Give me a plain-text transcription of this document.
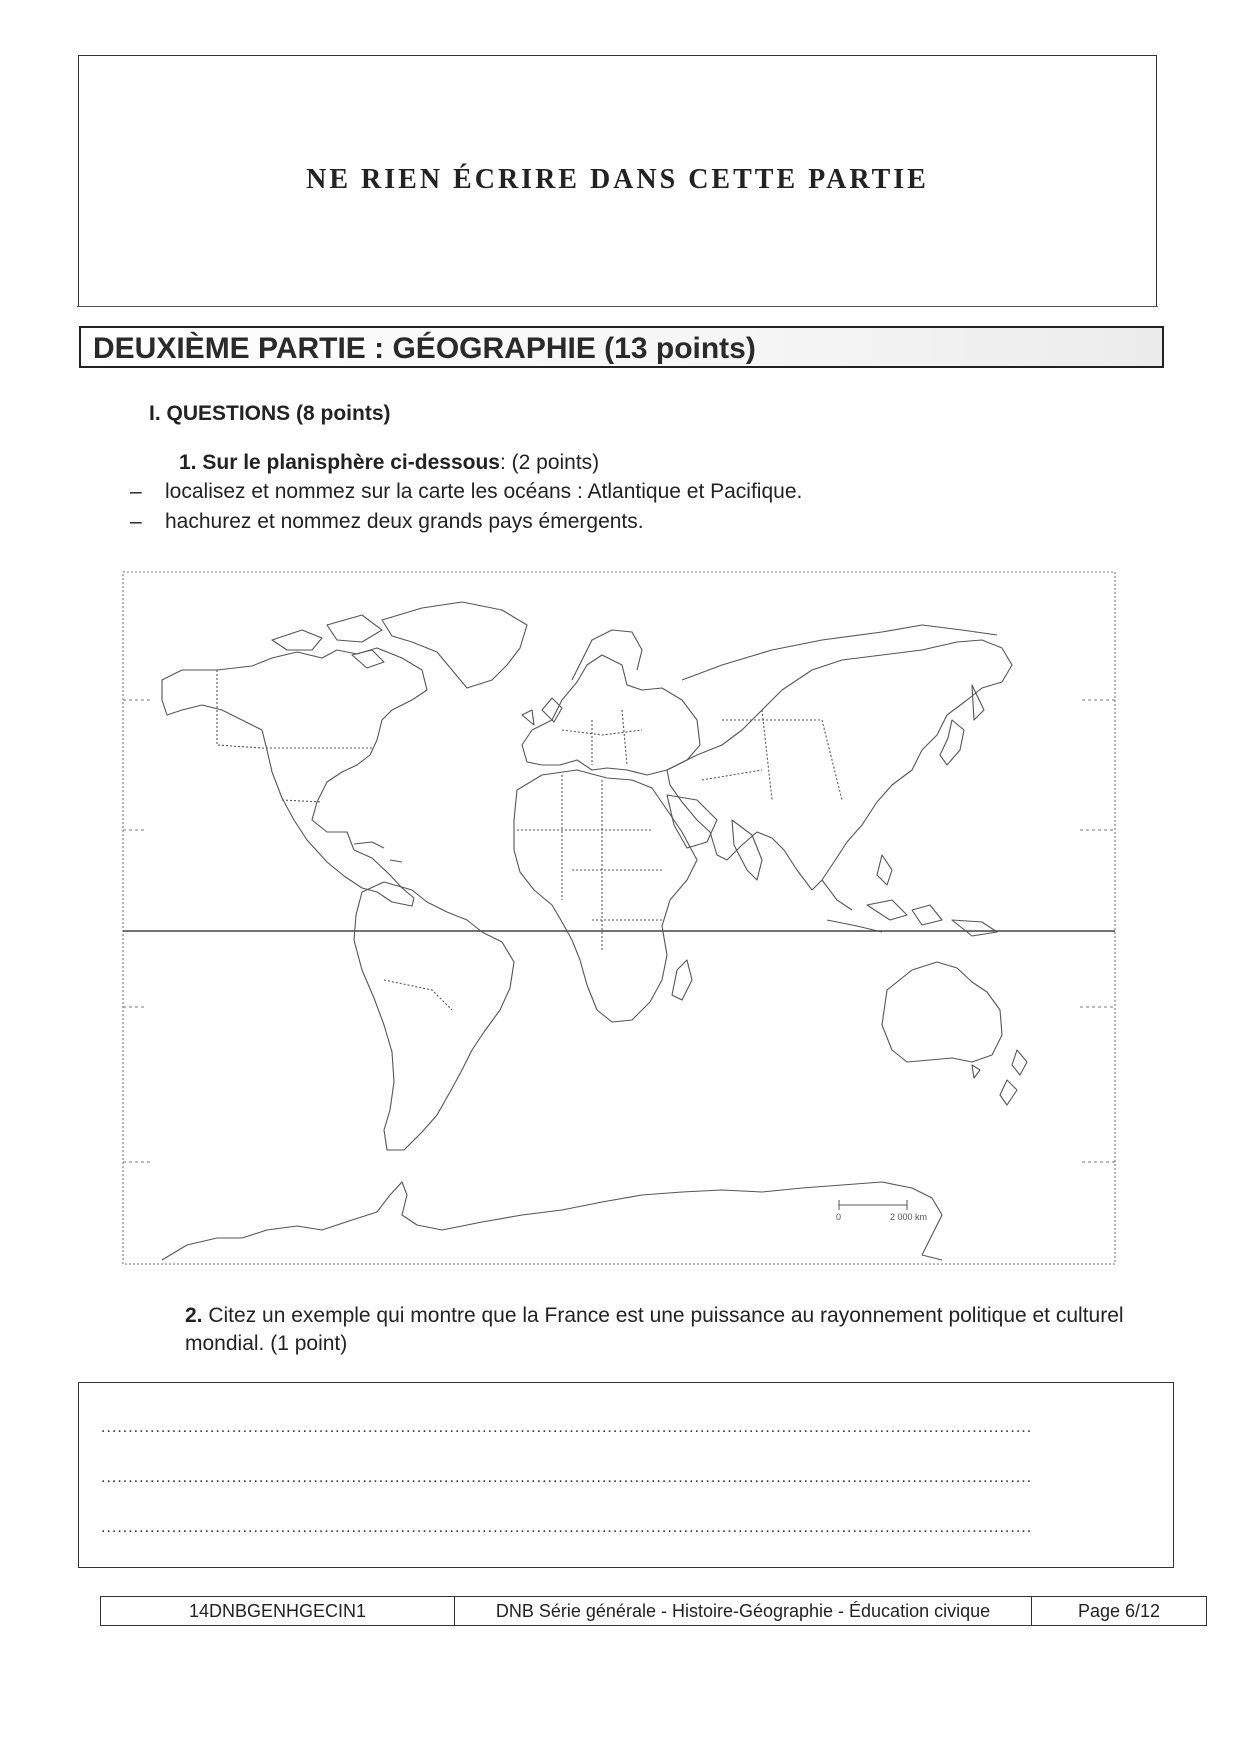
NE RIEN ÉCRIRE DANS CETTE PARTIE
DEUXIÈME PARTIE : GÉOGRAPHIE (13 points)
I. QUESTIONS (8 points)
1. Sur le planisphère ci-dessous: (2 points)
– localisez et nommez sur la carte les océans : Atlantique et Pacifique.
– hachurez et nommez deux grands pays émergents.
0	2 000 km
2. Citez un exemple qui montre que la France est une puissance au rayonnement politique et culturel mondial. (1 point)
...........................................................................................................................................................................
...........................................................................................................................................................................
...........................................................................................................................................................................
14DNBGENHGECIN1	DNB Série générale - Histoire-Géographie - Éducation civique	Page 6/12
